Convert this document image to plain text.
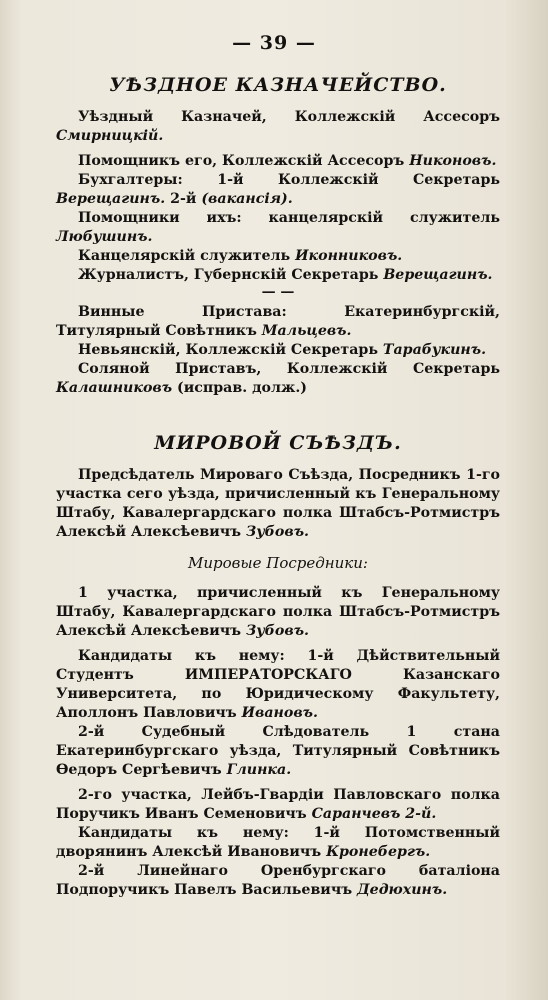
— 39 —
УѢЗДНОЕ КАЗНАЧЕЙСТВО.

Уѣздный Казначей, Коллежскій Ассесоръ Смирницкій.

Помощникъ его, Коллежскій Ассесоръ Никоновъ.

Бухгалтеры: 1-й Коллежскій Секретарь Верещагинъ. 2-й (вакансія).

Помощники ихъ: канцелярскій служитель Любушинъ.

Канцелярскій служитель Иконниковъ.

Журналистъ, Губернскій Секретарь Верещагинъ.

— —

Винные Пристава: Екатеринбургскій, Титулярный Совѣтникъ Мальцевъ.

Невьянскій, Коллежскій Секретарь Тарабукинъ.

Соляной Приставъ, Коллежскій Секретарь Калашниковъ (исправ. долж.)

МИРОВОЙ СЪѢЗДЪ.

Предсѣдатель Мироваго Съѣзда, Посредникъ 1-го участка сего уѣзда, причисленный къ Генеральному Штабу, Кавалергардскаго полка Штабсъ-Ротмистръ Алексѣй Алексѣевичъ Зубовъ.

Мировые Посредники:

1 участка, причисленный къ Генеральному Штабу, Кавалергардскаго полка Штабсъ-Ротмистръ Алексѣй Алексѣевичъ Зубовъ.

Кандидаты къ нему: 1-й Дѣйствительный Студентъ ИМПЕРАТОРСКАГО Казанскаго Университета, по Юридическому Факультету, Аполлонъ Павловичъ Ивановъ.

2-й Судебный Слѣдователь 1 стана Екатеринбургскаго уѣзда, Титулярный Совѣтникъ Ѳедоръ Сергѣевичъ Глинка.

2-го участка, Лейбъ-Гвардіи Павловскаго полка Поручикъ Иванъ Семеновичъ Саранчевъ 2-й.

Кандидаты къ нему: 1-й Потомственный дворянинъ Алексѣй Ивановичъ Кронебергъ.

2-й Линейнаго Оренбургскаго баталіона Подпоручикъ Павелъ Васильевичъ Дедюхинъ.
